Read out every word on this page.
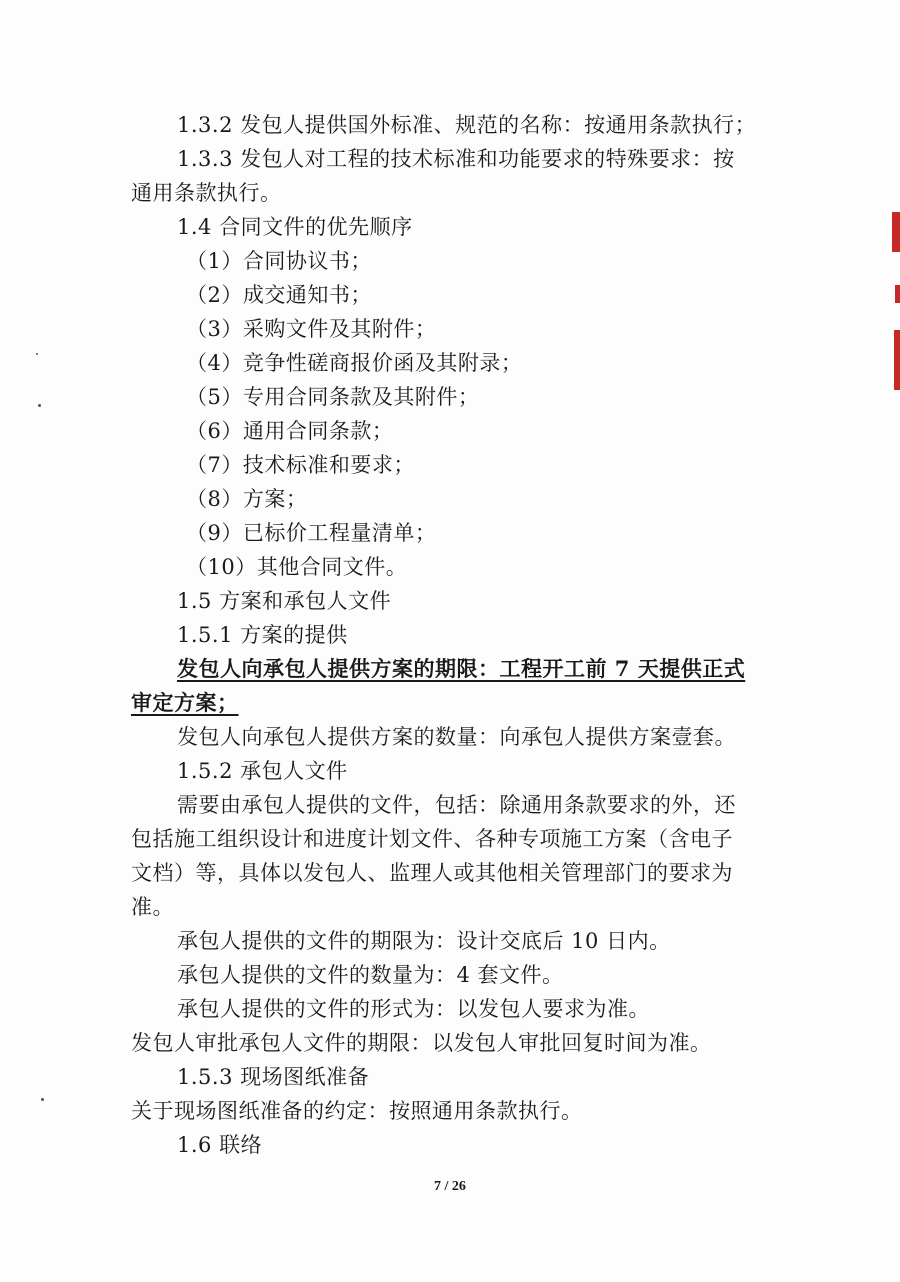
1.3.2 发包人提供国外标准、规范的名称：按通用条款执行；
1.3.3 发包人对工程的技术标准和功能要求的特殊要求：按
通用条款执行。
1.4 合同文件的优先顺序
（1）合同协议书；
（2）成交通知书；
（3）采购文件及其附件；
（4）竞争性磋商报价函及其附录；
（5）专用合同条款及其附件；
（6）通用合同条款；
（7）技术标准和要求；
（8）方案；
（9）已标价工程量清单；
（10）其他合同文件。
1.5 方案和承包人文件
1.5.1 方案的提供
发包人向承包人提供方案的期限：工程开工前 7 天提供正式
审定方案；
发包人向承包人提供方案的数量：向承包人提供方案壹套。
1.5.2 承包人文件
需要由承包人提供的文件，包括：除通用条款要求的外，还
包括施工组织设计和进度计划文件、各种专项施工方案（含电子
文档）等，具体以发包人、监理人或其他相关管理部门的要求为
准。
承包人提供的文件的期限为：设计交底后 10 日内。
承包人提供的文件的数量为：4 套文件。
承包人提供的文件的形式为：以发包人要求为准。
发包人审批承包人文件的期限：以发包人审批回复时间为准。
1.5.3 现场图纸准备
关于现场图纸准备的约定：按照通用条款执行。
1.6 联络
7 / 26
